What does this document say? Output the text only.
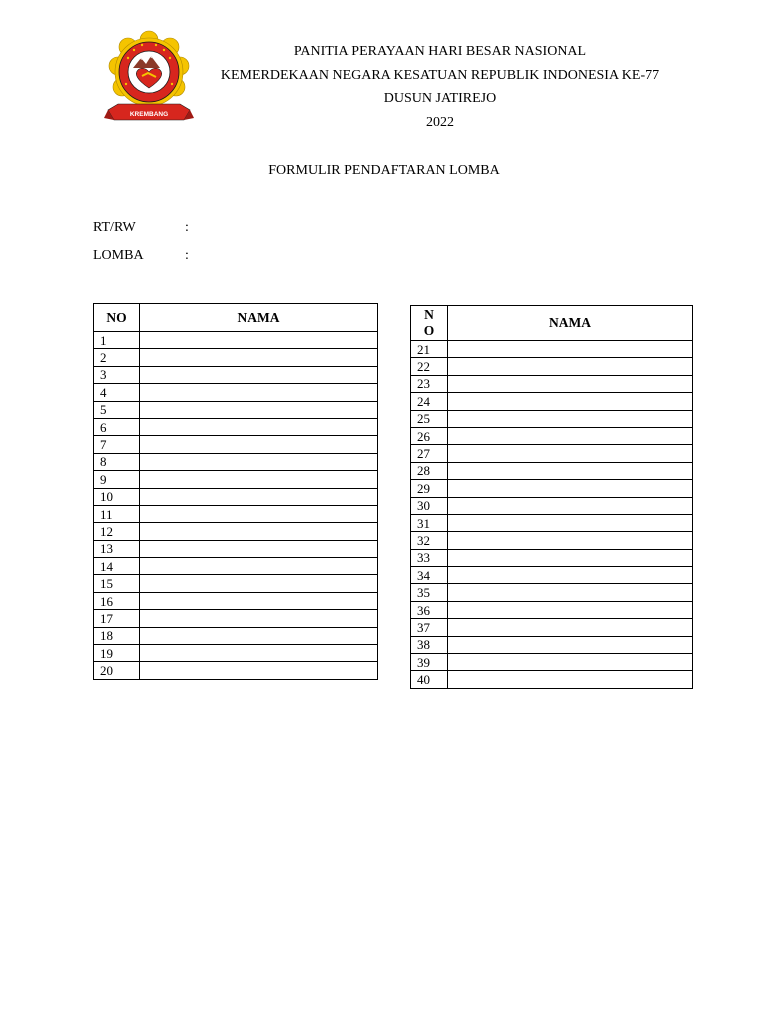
KREMBANG
PANITIA PERAYAAN HARI BESAR NASIONAL
KEMERDEKAAN NEGARA KESATUAN REPUBLIK INDONESIA KE-77
DUSUN JATIREJO
2022
FORMULIR PENDAFTARAN LOMBA
RT/RW	:
LOMBA	:
NO	NAMA
1	
2	
3	
4	
5	
6	
7	
8	
9	
10	
11	
12	
13	
14	
15	
16	
17	
18	
19	
20	
NO	NAMA
21	
22	
23	
24	
25	
26	
27	
28	
29	
30	
31	
32	
33	
34	
35	
36	
37	
38	
39	
40	
